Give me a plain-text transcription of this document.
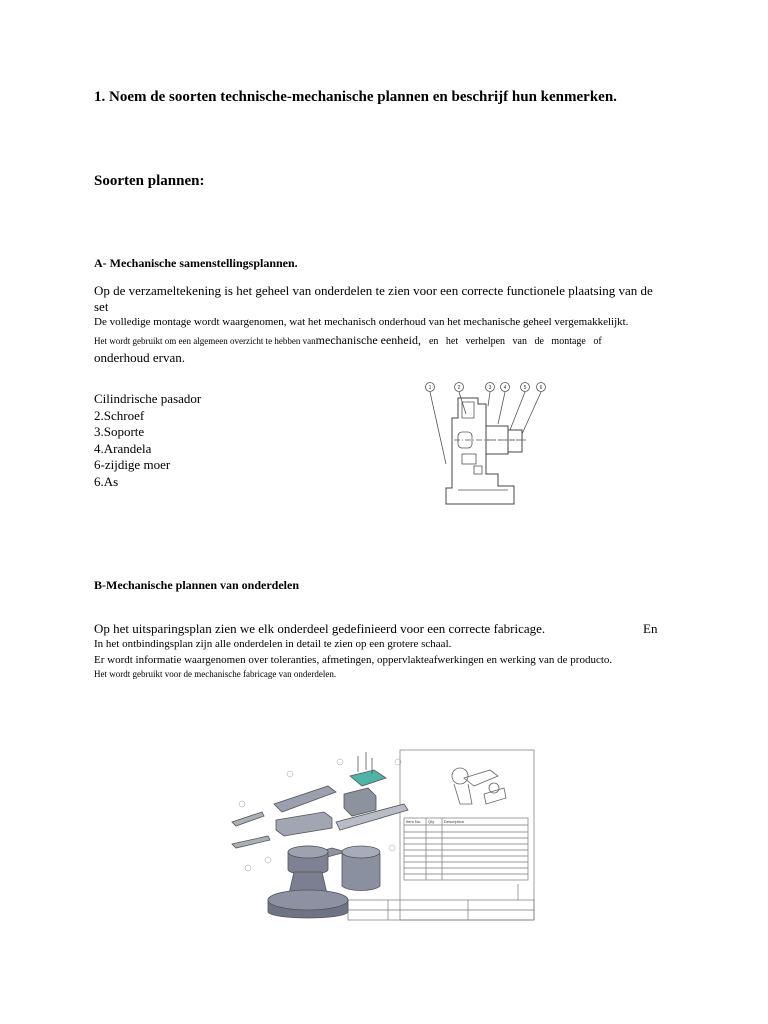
1. Noem de soorten technische-mechanische plannen en beschrijf hun kenmerken.
Soorten plannen:
A- Mechanische samenstellingsplannen.
Op de verzameltekening is het geheel van onderdelen te zien voor een correcte functionele plaatsing van de set
De volledige montage wordt waargenomen, wat het mechanisch onderhoud van het mechanische geheel vergemakkelijkt.
Het wordt gebruikt om een algemeen overzicht te hebben vanmechanische eenheid, en het verhelpen van de montage of
onderhoud ervan.
Cilindrische pasador
2.Schroef
3.Soporte
4.Arandela
6-zijdige moer
6.As
1	2	3 4	5	6
B-Mechanische plannen van onderdelen
Op het uitsparingsplan zien we elk onderdeel gedefinieerd voor een correcte fabricage.	En
In het ontbindingsplan zijn alle onderdelen in detail te zien op een grotere schaal.
Er wordt informatie waargenomen over toleranties, afmetingen, oppervlakteafwerkingen en werking van de producto.
Het wordt gebruikt voor de mechanische fabricage van onderdelen.
Item No. Qty Description
